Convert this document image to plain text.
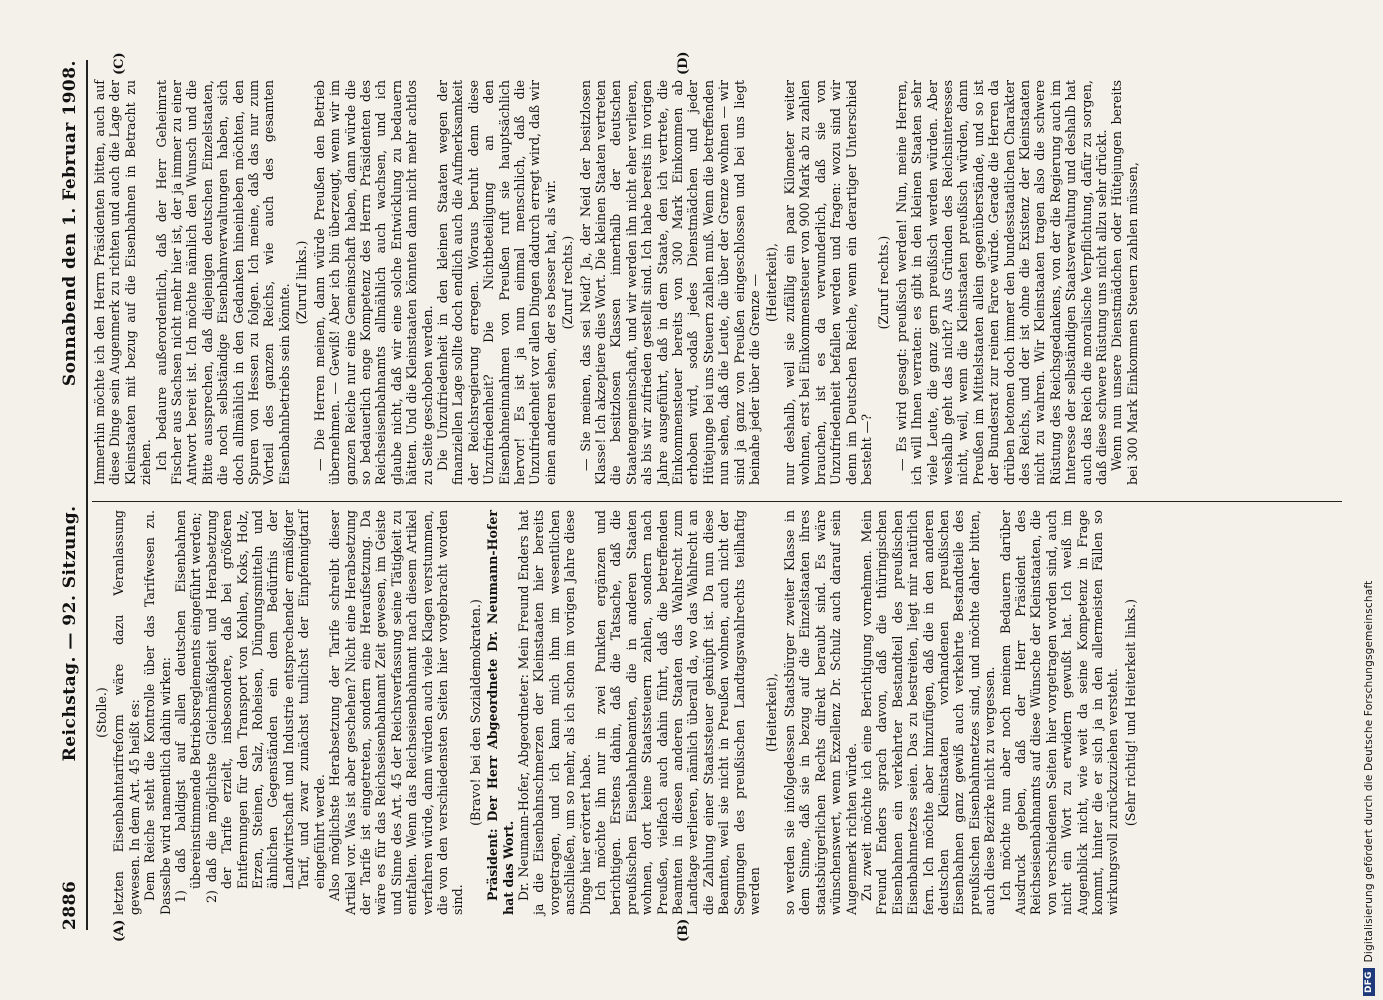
2886
Reichstag. — 92. Sitzung.
Sonnabend den 1. Februar 1908.
(A)	(B)
(C)	(D)

(Stolle.) letzten Eisenbahntarifreform wäre dazu Veranlassung gewesen. In dem Art. 45 heißt es: Dem Reiche steht die Kontrolle über das Tarifwesen zu. Dasselbe wird namentlich dahin wirken: 1) daß baldigst auf allen deutschen Eisenbahnen übereinstimmende Betriebsreglements eingeführt werden; 2) daß die möglichste Gleichmäßigkeit und Herabsetzung der Tarife erzielt, insbesondere, daß bei größeren Entfernungen für den Transport von Kohlen, Koks, Holz, Erzen, Steinen, Salz, Roheisen, Düngungsmitteln und ähnlichen Gegenständen ein dem Bedürfnis der Landwirtschaft und Industrie entsprechender ermäßigter Tarif, und zwar zunächst tunlichst der Einpfennigtarif eingeführt werde. Also möglichste Herabsetzung der Tarife schreibt dieser Artikel vor. Was ist aber geschehen? Nicht eine Herabsetzung der Tarife ist eingetreten, sondern eine Heraufsetzung. Da wäre es für das Reichseisenbahnamt Zeit gewesen, im Geiste und Sinne des Art. 45 der Reichsverfassung seine Tätigkeit zu entfalten. Wenn das Reichseisenbahnamt nach diesem Artikel verfahren würde, dann würden auch viele Klagen verstummen, die von den verschiedensten Seiten hier vorgebracht worden sind.

(Bravo! bei den Sozialdemokraten.) Präsident: Der Herr Abgeordnete Dr. Neumann-Hofer hat das Wort. Dr. Neumann-Hofer, Abgeordneter: Mein Freund Enders hat ja die Eisenbahnschmerzen der Kleinstaaten hier bereits vorgetragen, und ich kann mich ihm im wesentlichen anschließen, um so mehr, als ich schon im vorigen Jahre diese Dinge hier erörtert habe. Ich möchte ihn nur in zwei Punkten ergänzen und berichtigen. Erstens dahin, daß die Tatsache, daß die preußischen Eisenbahnbeamten, die in anderen Staaten wohnen, dort keine Staatssteuern zahlen, sondern nach Preußen, vielfach auch dahin führt, daß die betreffenden Beamten in diesen anderen Staaten das Wahlrecht zum Landtage verlieren, nämlich überall da, wo das Wahlrecht an die Zahlung einer Staatssteuer geknüpft ist. Da nun diese Beamten, weil sie nicht in Preußen wohnen, auch nicht der Segnungen des preußischen Landtagswahlrechts teilhaftig werden

(Heiterkeit), so werden sie infolgedessen Staatsbürger zweiter Klasse in dem Sinne, daß sie in bezug auf die Einzelstaaten ihres staatsbürgerlichen Rechts direkt beraubt sind. Es wäre wünschenswert, wenn Exzellenz Dr. Schulz auch darauf sein Augenmerk richten würde. Zu zweit möchte ich eine Berichtigung vornehmen. Mein Freund Enders sprach davon, daß die thüringischen Eisenbahnen ein verkehrter Bestandteil des preußischen Eisenbahnnetzes seien. Das zu bestreiten, liegt mir natürlich fern. Ich möchte aber hinzufügen, daß die in den anderen deutschen Kleinstaaten vorhandenen preußischen Eisenbahnen ganz gewiß auch verkehrte Bestandteile des preußischen Eisenbahnnetzes sind, und möchte daher bitten, auch diese Bezirke nicht zu vergessen. Ich möchte nun aber noch meinem Bedauern darüber Ausdruck geben, daß der Herr Präsident des Reichseisenbahnamts auf diese Wünsche der Kleinstaaten, die von verschiedenen Seiten hier vorgetragen worden sind, auch nicht ein Wort zu erwidern gewußt hat. Ich weiß im Augenblick nicht, wie weit da seine Kompetenz in Frage kommt, hinter die er sich ja in den allermeisten Fällen so wirkungsvoll zurückzuziehen versteht. (Sehr richtig! und Heiterkeit links.)

Immerhin möchte ich den Herrn Präsidenten bitten, auch auf diese Dinge sein Augenmerk zu richten und auch die Lage der Kleinstaaten mit bezug auf die Eisenbahnen in Betracht zu ziehen. Ich bedaure außerordentlich, daß der Herr Geheimrat Fischer aus Sachsen nicht mehr hier ist, der ja immer zu einer Antwort bereit ist. Ich möchte nämlich den Wunsch und die Bitte aussprechen, daß diejenigen deutschen Einzelstaaten, die noch selbständige Eisenbahnverwaltungen haben, sich doch allmählich in den Gedanken hineinleben möchten, den Spuren von Hessen zu folgen. Ich meine, daß das nur zum Vorteil des ganzen Reichs, wie auch des gesamten Eisenbahnbetriebs sein könnte.

(Zuruf links.) — Die Herren meinen, dann würde Preußen den Betrieb übernehmen. — Gewiß! Aber ich bin überzeugt, wenn wir im ganzen Reiche nur eine Gemeinschaft haben, dann würde die so bedauerlich enge Kompetenz des Herrn Präsidenten des Reichseisenbahnamts allmählich auch wachsen, und ich glaube nicht, daß wir eine solche Entwicklung zu bedauern hätten. Und die Kleinstaaten könnten dann nicht mehr achtlos zu Seite geschoben werden. Die Unzufriedenheit in den kleinen Staaten wegen der finanziellen Lage sollte doch endlich auch die Aufmerksamkeit der Reichsregierung erregen. Woraus beruht denn diese Unzufriedenheit? Die Nichtbeteiligung an den Eisenbahneinnahmen von Preußen ruft sie hauptsächlich hervor! Es ist ja nun einmal menschlich, daß die Unzufriedenheit vor allen Dingen dadurch erregt wird, daß wir einen anderen sehen, der es besser hat, als wir. (Zuruf rechts.) — Sie meinen, das sei Neid? Ja, der Neid der besitzlosen Klasse! Ich akzeptiere dies Wort. Die kleinen Staaten vertreten die besitzlosen Klassen innerhalb der deutschen Staatengemeinschaft, und wir werden ihn nicht eher verlieren, als bis wir zufrieden gestellt sind. Ich habe bereits im vorigen Jahre ausgeführt, daß in dem Staate, den ich vertrete, die Einkommensteuer bereits von 300 Mark Einkommen ab erhoben wird, sodaß jedes Dienstmädchen und jeder Hütejunge bei uns Steuern zahlen muß. Wenn die betreffenden nun sehen, daß die Leute, die über der Grenze wohnen — wir sind ja ganz von Preußen eingeschlossen und bei uns liegt beinahe jeder über die Grenze — (Heiterkeit), nur deshalb, weil sie zufällig ein paar Kilometer weiter wohnen, erst bei Einkommensteuer von 900 Mark ab zu zahlen brauchen, ist es da verwunderlich, daß sie von Unzufriedenheit befallen werden und fragen: wozu sind wir denn im Deutschen Reiche, wenn ein derartiger Unterschied besteht —?

(Zuruf rechts.) — Es wird gesagt: preußisch werden! Nun, meine Herren, ich will Ihnen verraten: es gibt in den kleinen Staaten sehr viele Leute, die ganz gern preußisch werden würden. Aber weshalb geht das nicht? Aus Gründen des Reichsinteresses nicht, weil, wenn die Kleinstaaten preußisch würden, dann Preußen im Mittelstaaten allein gegenüberstände, und so ist der Bundesrat zur reinen Farce würde. Gerade die Herren da drüben betonen doch immer den bundesstaatlichen Charakter des Reichs, und der ist ohne die Existenz der Kleinstaaten nicht zu wahren. Wir Kleinstaaten tragen also die schwere Rüstung des Reichsgedankens, von der die Regierung auch im Interesse der selbständigen Staatsverwaltung und deshalb hat auch das Reich die moralische Verpflichtung, dafür zu sorgen, daß diese schwere Rüstung uns nicht allzu sehr drückt. Wenn nun unsere Dienstmädchen oder Hütejungen bereits bei 300 Mark Einkommen Steuern zahlen müssen,

DFG
Digitalisierung gefördert durch die Deutsche Forschungsgemeinschaft
